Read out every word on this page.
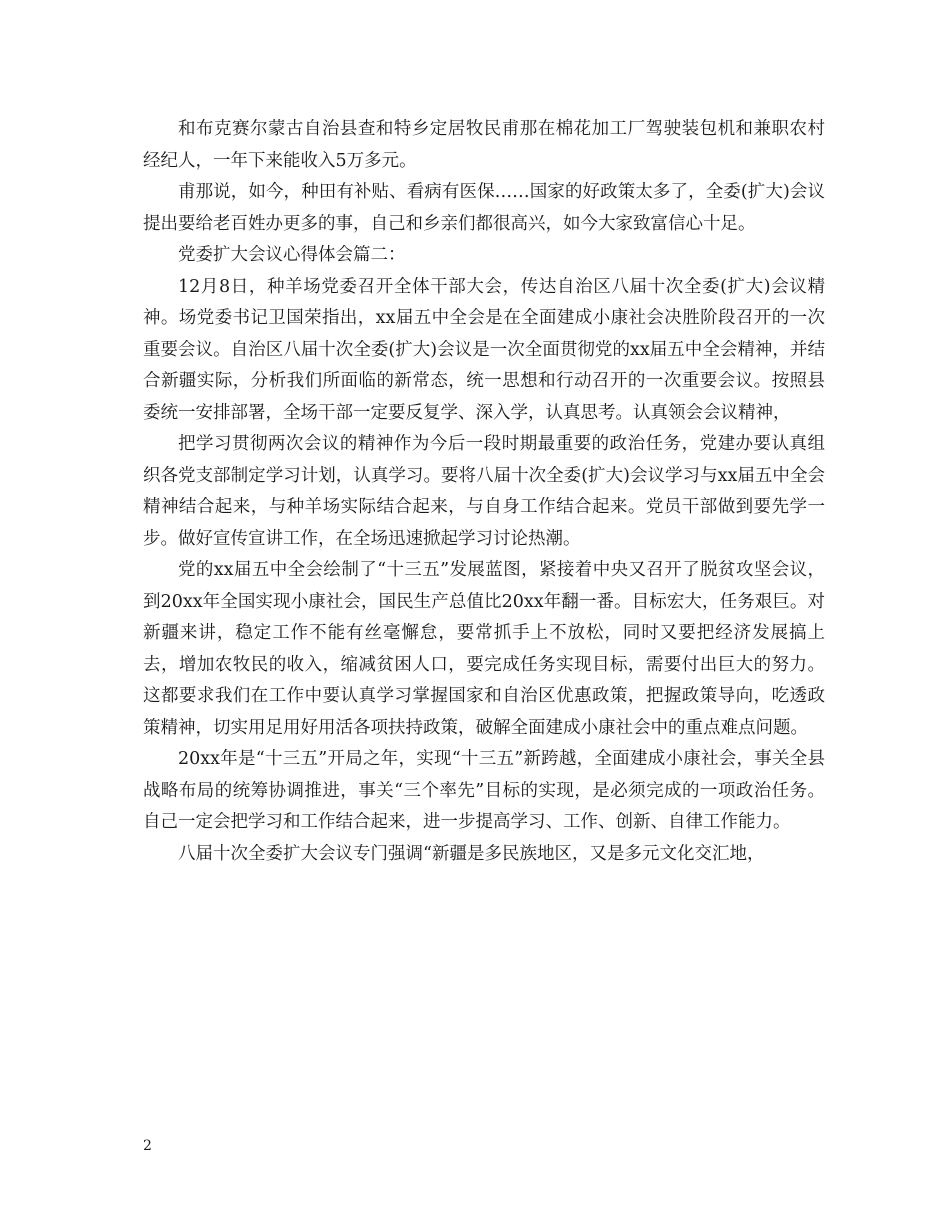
和布克赛尔蒙古自治县查和特乡定居牧民甫那在棉花加工厂驾驶装包机和兼职农村经纪人，一年下来能收入5万多元。

甫那说，如今，种田有补贴、看病有医保……国家的好政策太多了，全委(扩大)会议提出要给老百姓办更多的事，自己和乡亲们都很高兴，如今大家致富信心十足。

党委扩大会议心得体会篇二：

12月8日，种羊场党委召开全体干部大会，传达自治区八届十次全委(扩大)会议精神。场党委书记卫国荣指出，xx届五中全会是在全面建成小康社会决胜阶段召开的一次重要会议。自治区八届十次全委(扩大)会议是一次全面贯彻党的xx届五中全会精神，并结合新疆实际，分析我们所面临的新常态，统一思想和行动召开的一次重要会议。按照县委统一安排部署，全场干部一定要反复学、深入学，认真思考。认真领会会议精神，

把学习贯彻两次会议的精神作为今后一段时期最重要的政治任务，党建办要认真组织各党支部制定学习计划，认真学习。要将八届十次全委(扩大)会议学习与xx届五中全会精神结合起来，与种羊场实际结合起来，与自身工作结合起来。党员干部做到要先学一步。做好宣传宣讲工作，在全场迅速掀起学习讨论热潮。

党的xx届五中全会绘制了“十三五”发展蓝图，紧接着中央又召开了脱贫攻坚会议，到20xx年全国实现小康社会，国民生产总值比20xx年翻一番。目标宏大，任务艰巨。对新疆来讲，稳定工作不能有丝毫懈怠，要常抓手上不放松，同时又要把经济发展搞上去，增加农牧民的收入，缩减贫困人口，要完成任务实现目标，需要付出巨大的努力。这都要求我们在工作中要认真学习掌握国家和自治区优惠政策，把握政策导向，吃透政策精神，切实用足用好用活各项扶持政策，破解全面建成小康社会中的重点难点问题。

20xx年是“十三五”开局之年，实现“十三五”新跨越，全面建成小康社会，事关全县战略布局的统筹协调推进，事关“三个率先”目标的实现，是必须完成的一项政治任务。自己一定会把学习和工作结合起来，进一步提高学习、工作、创新、自律工作能力。

八届十次全委扩大会议专门强调“新疆是多民族地区，又是多元文化交汇地，

2
